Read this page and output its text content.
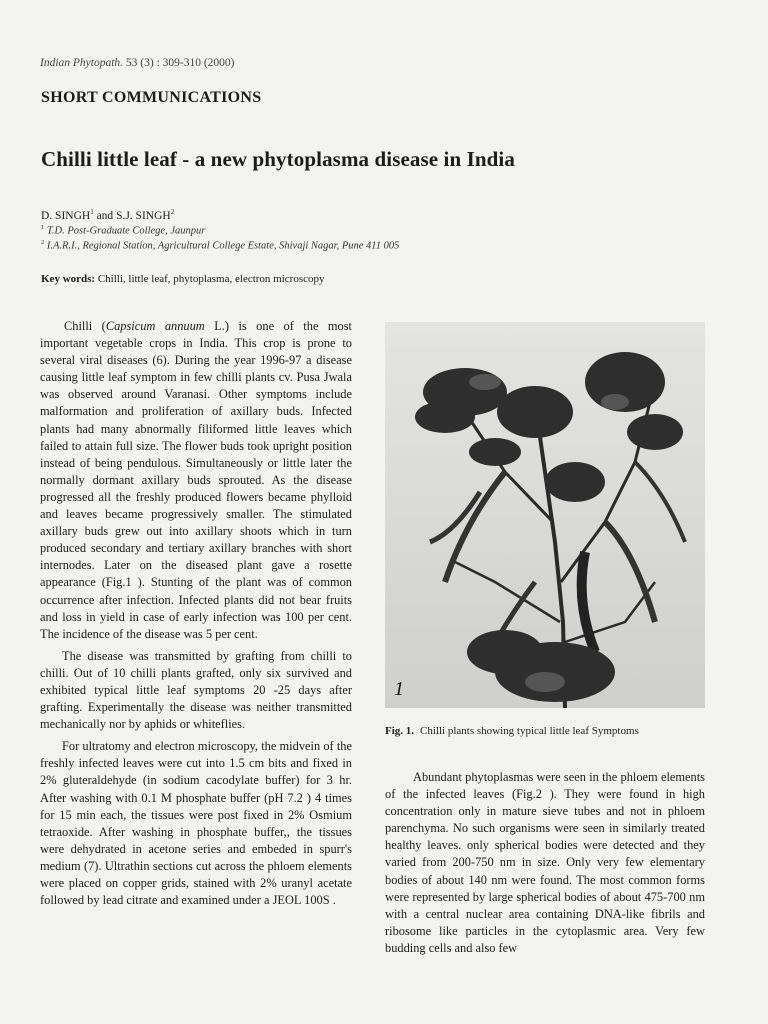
Indian Phytopath. 53 (3) : 309-310 (2000)
SHORT COMMUNICATIONS
Chilli little leaf - a new phytoplasma disease in India
D. SINGH$^1$ and S.J. SINGH$^2$
$^1$ T.D. Post-Graduate College, Jaunpur
$^2$ I.A.R.I., Regional Station, Agricultural College Estate, Shivaji Nagar, Pune 411 005
Key words: Chilli, little leaf, phytoplasma, electron microscopy

Chilli (Capsicum annuum L.) is one of the most important vegetable crops in India. This crop is prone to several viral diseases (6). During the year 1996-97 a disease causing little leaf symptom in few chilli plants cv. Pusa Jwala was observed around Varanasi. Other symptoms include malformation and proliferation of axillary buds. Infected plants had many abnormally filiformed little leaves which failed to attain full size. The flower buds took upright position instead of being pendulous. Simultaneously or little later the normally dormant axillary buds sprouted. As the disease progressed all the freshly produced flowers became phylloid and leaves became progressively smaller. The stimulated axillary buds grew out into axillary shoots which in turn produced secondary and tertiary axillary branches with short internodes. Later on the diseased plant gave a rosette appearance (Fig.1 ). Stunting of the plant was of common occurrence after infection. Infected plants did not bear fruits and loss in yield in case of early infection was 100 per cent. The incidence of the disease was 5 per cent.

The disease was transmitted by grafting from chilli to chilli. Out of 10 chilli plants grafted, only six survived and exhibited typical little leaf symptoms 20 -25 days after grafting. Experimentally the disease was neither transmitted mechanically nor by aphids or whiteflies.

For ultratomy and electron microscopy, the midvein of the freshly infected leaves were cut into 1.5 cm bits and fixed in 2% gluteraldehyde (in sodium cacodylate buffer) for 3 hr. After washing with 0.1 M phosphate buffer (pH 7.2 ) 4 times for 15 min each, the tissues were post fixed in 2% Osmium tetraoxide. After washing in phosphate buffer,, the tissues were dehydrated in acetone series and embeded in spurr's medium (7). Ultrathin sections cut across the phloem elements were placed on copper grids, stained with 2% uranyl acetate followed by lead citrate and examined under a JEOL 100S .

1
Fig. 1. Chilli plants showing typical little leaf Symptoms

Abundant phytoplasmas were seen in the phloem elements of the infected leaves (Fig.2 ). They were found in high concentration only in mature sieve tubes and not in phloem parenchyma. No such organisms were seen in similarly treated healthy leaves. only spherical bodies were detected and they varied from 200-750 nm in size. Only very few elementary bodies of about 140 nm were found. The most common forms were represented by large spherical bodies of about 475-700 nm with a central nuclear area containing DNA-like fibrils and ribosome like particles in the cytoplasmic area. Very few budding cells and also few
